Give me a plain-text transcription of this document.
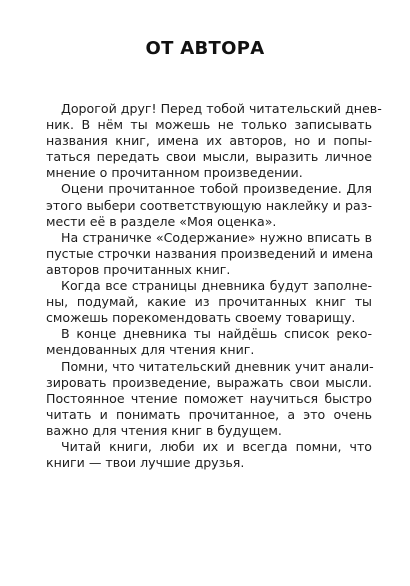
ОТ АВТОРА
Дорогой друг! Перед тобой читательский днев-
ник. В нём ты можешь не только записывать
названия книг, имена их авторов, но и попы-
таться передать свои мысли, выразить личное
мнение о прочитанном произведении.
Оцени прочитанное тобой произведение. Для
этого выбери соответствующую наклейку и раз-
мести её в разделе «Моя оценка».
На страничке «Содержание» нужно вписать в
пустые строчки названия произведений и имена
авторов прочитанных книг.
Когда все страницы дневника будут заполне-
ны, подумай, какие из прочитанных книг ты
сможешь порекомендовать своему товарищу.
В конце дневника ты найдёшь список реко-
мендованных для чтения книг.
Помни, что читательский дневник учит анали-
зировать произведение, выражать свои мысли.
Постоянное чтение поможет научиться быстро
читать и понимать прочитанное, а это очень
важно для чтения книг в будущем.
Читай книги, люби их и всегда помни, что
книги — твои лучшие друзья.
